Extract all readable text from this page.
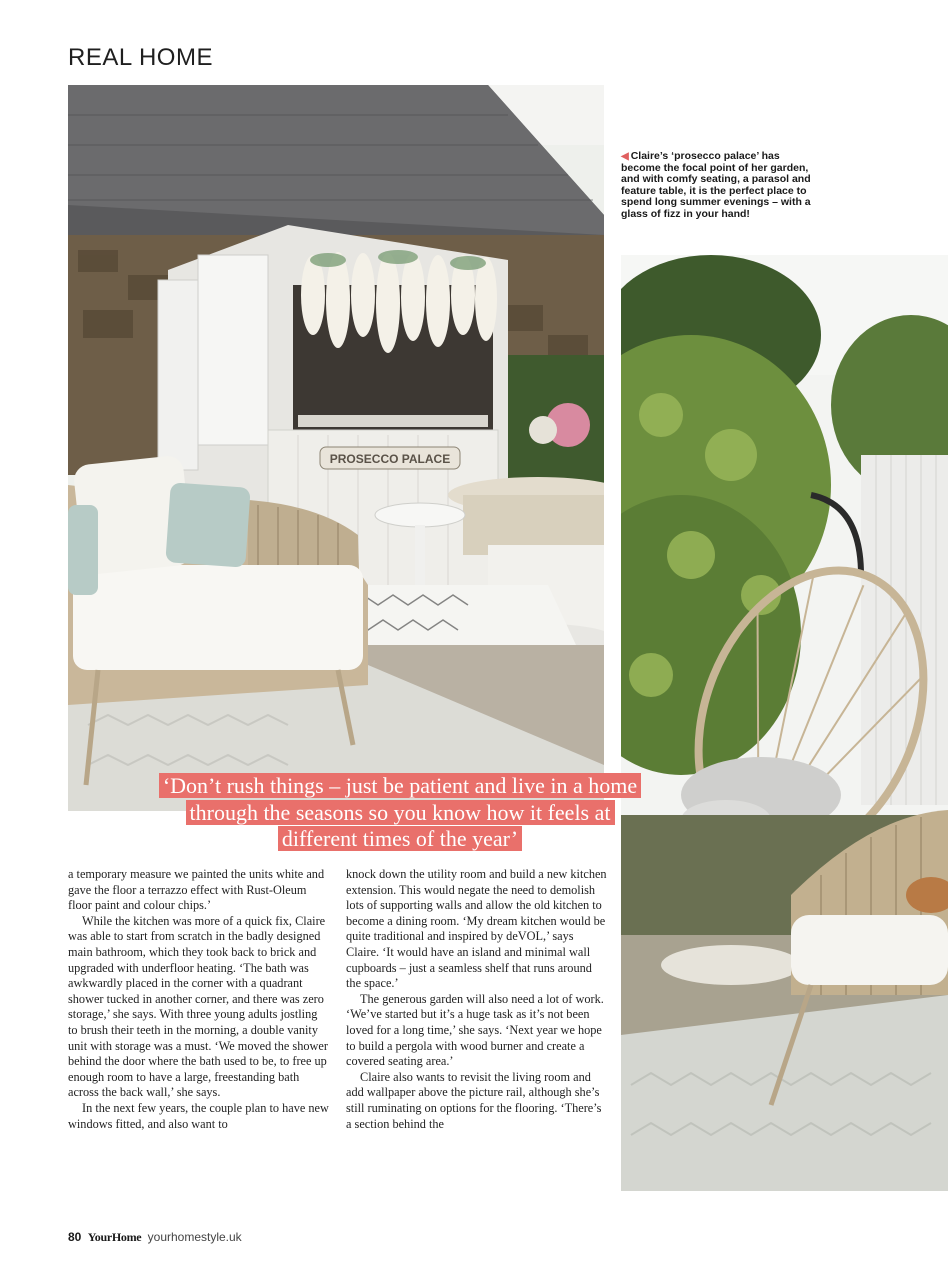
REAL HOME
PROSECCO PALACE
◀ Claire’s ‘prosecco palace’ has become the focal point of her garden, and with comfy seating, a parasol and feature table, it is the perfect place to spend long summer evenings – with a glass of fizz in your hand!
‘Don’t rush things – just be patient and live in a home
through the seasons so you know how it feels at
different times of the year’

a temporary measure we painted the units white and gave the floor a terrazzo effect with Rust-Oleum floor paint and colour chips.’

While the kitchen was more of a quick fix, Claire was able to start from scratch in the badly designed main bathroom, which they took back to brick and upgraded with underfloor heating. ‘The bath was awkwardly placed in the corner with a quadrant shower tucked in another corner, and there was zero storage,’ she says. With three young adults jostling to brush their teeth in the morning, a double vanity unit with storage was a must. ‘We moved the shower behind the door where the bath used to be, to free up enough room to have a large, freestanding bath across the back wall,’ she says.

In the next few years, the couple plan to have new windows fitted, and also want to

knock down the utility room and build a new kitchen extension. This would negate the need to demolish lots of supporting walls and allow the old kitchen to become a dining room. ‘My dream kitchen would be quite traditional and inspired by deVOL,’ says Claire. ‘It would have an island and minimal wall cupboards – just a seamless shelf that runs around the space.’

The generous garden will also need a lot of work. ‘We’ve started but it’s a huge task as it’s not been loved for a long time,’ she says. ‘Next year we hope to build a pergola with wood burner and create a covered seating area.’

Claire also wants to revisit the living room and add wallpaper above the picture rail, although she’s still ruminating on options for the flooring. ‘There’s a section behind the

80 YourHome yourhomestyle.uk
